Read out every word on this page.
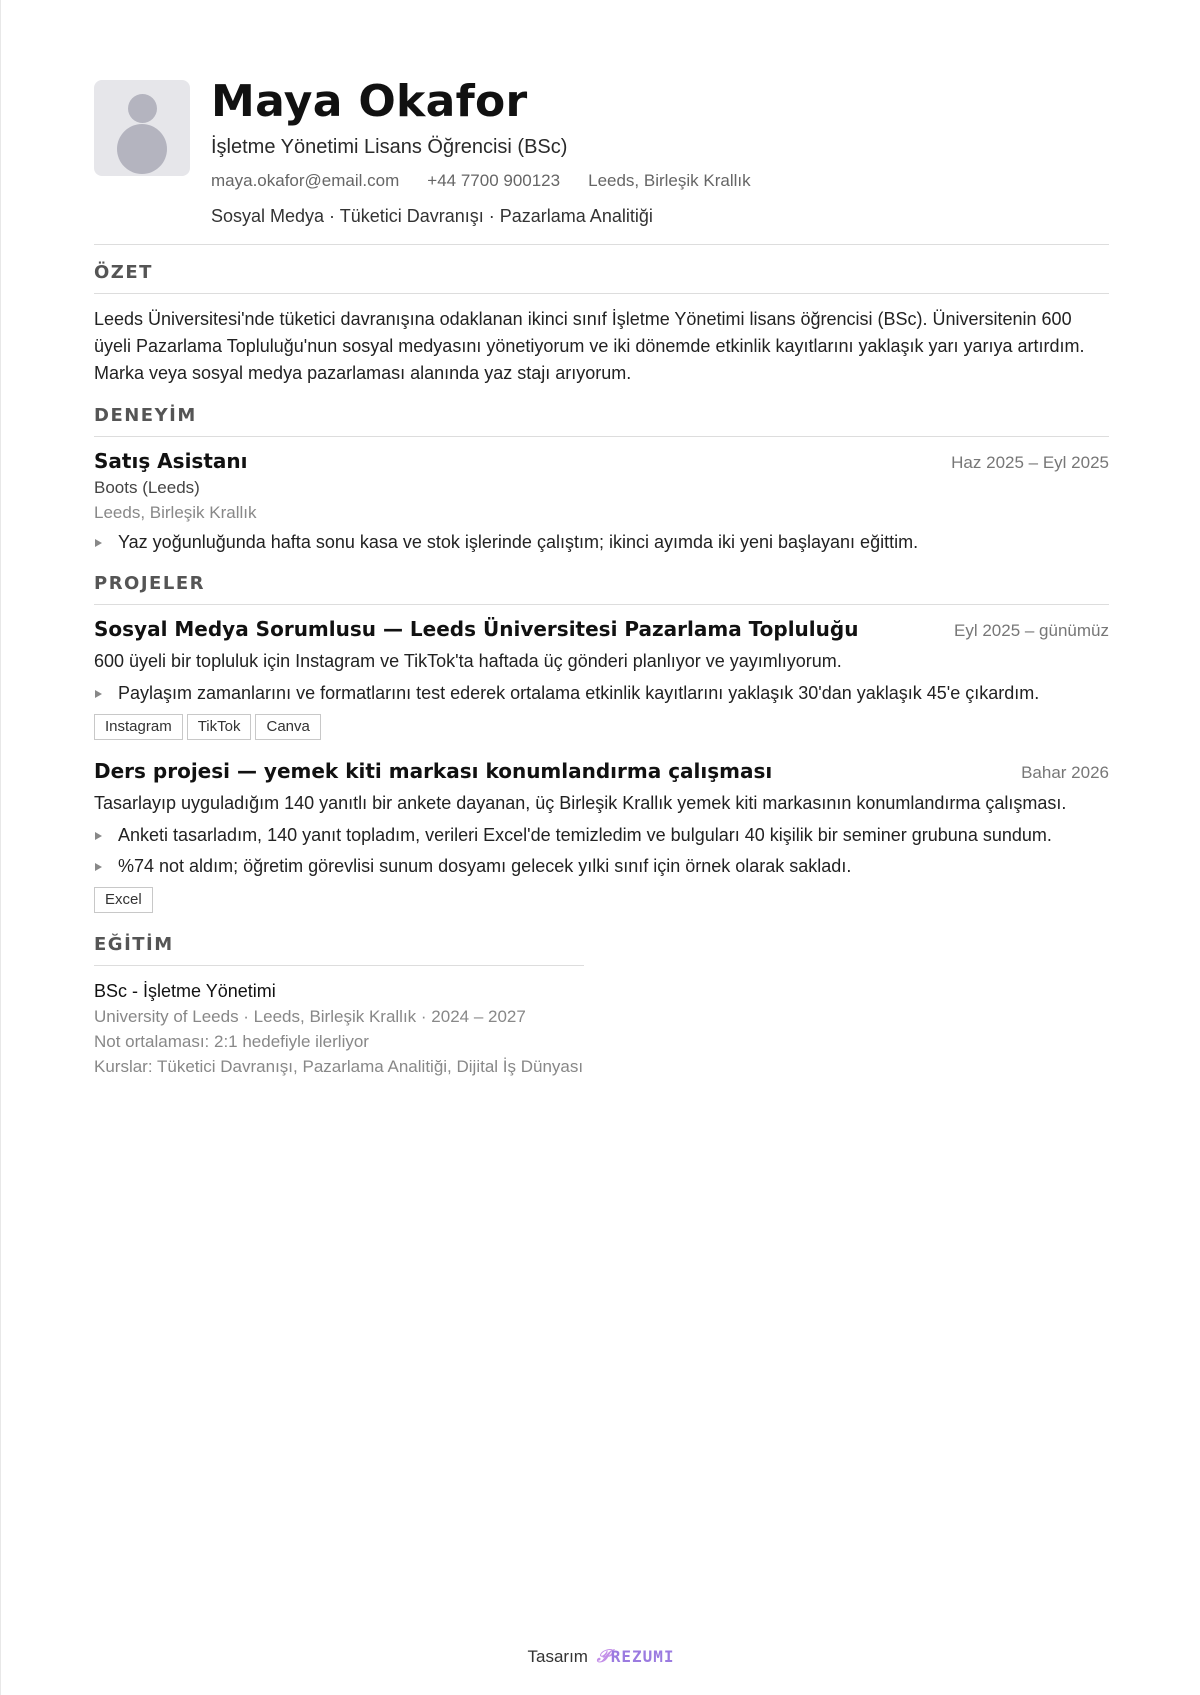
Maya Okafor
İşletme Yönetimi Lisans Öğrencisi (BSc)
maya.okafor@email.com +44 7700 900123 Leeds, Birleşik Krallık
Sosyal Medya · Tüketici Davranışı · Pazarlama Analitiği
ÖZET
Leeds Üniversitesi'nde tüketici davranışına odaklanan ikinci sınıf İşletme Yönetimi lisans öğrencisi (BSc). Üniversitenin 600 üyeli Pazarlama Topluluğu'nun sosyal medyasını yönetiyorum ve iki dönemde etkinlik kayıtlarını yaklaşık yarı yarıya artırdım. Marka veya sosyal medya pazarlaması alanında yaz stajı arıyorum.
DENEYİM
Satış Asistanı	Haz 2025 – Eyl 2025
Boots (Leeds)
Leeds, Birleşik Krallık
Yaz yoğunluğunda hafta sonu kasa ve stok işlerinde çalıştım; ikinci ayımda iki yeni başlayanı eğittim.
PROJELER
Sosyal Medya Sorumlusu — Leeds Üniversitesi Pazarlama Topluluğu	Eyl 2025 – günümüz
600 üyeli bir topluluk için Instagram ve TikTok'ta haftada üç gönderi planlıyor ve yayımlıyorum.
Paylaşım zamanlarını ve formatlarını test ederek ortalama etkinlik kayıtlarını yaklaşık 30'dan yaklaşık 45'e çıkardım.
Instagram	TikTok	Canva
Ders projesi — yemek kiti markası konumlandırma çalışması	Bahar 2026
Tasarlayıp uyguladığım 140 yanıtlı bir ankete dayanan, üç Birleşik Krallık yemek kiti markasının konumlandırma çalışması.
Anketi tasarladım, 140 yanıt topladım, verileri Excel'de temizledim ve bulguları 40 kişilik bir seminer grubuna sundum.
%74 not aldım; öğretim görevlisi sunum dosyamı gelecek yılki sınıf için örnek olarak sakladı.
Excel
EĞİTİM
BSc - İşletme Yönetimi
University of Leeds · Leeds, Birleşik Krallık · 2024 – 2027
Not ortalaması: 2:1 hedefiyle ilerliyor
Kurslar: Tüketici Davranışı, Pazarlama Analitiği, Dijital İş Dünyası
Tasarım 𝒫REZUMI
